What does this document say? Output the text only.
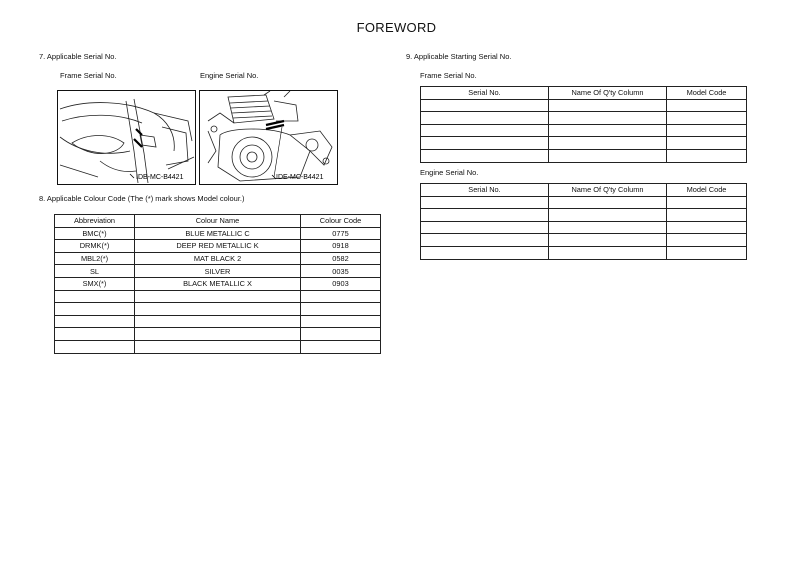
FOREWORD
7. Applicable Serial No.
Frame Serial No.	Engine Serial No.
IDB-MC-B4421	IDE-MC-B4421
8. Applicable Colour Code (The (*) mark shows Model colour.)
Abbreviation	Colour Name	Colour Code
BMC(*)	BLUE METALLIC C	0775
DRMK(*)	DEEP RED METALLIC K	0918
MBL2(*)	MAT BLACK 2	0582
SL	SILVER	0035
SMX(*)	BLACK METALLIC X	0903

9. Applicable Starting Serial No.
Frame Serial No.
Serial No.	Name Of Q'ty Column	Model Code

Engine Serial No.
Serial No.	Name Of Q'ty Column	Model Code
